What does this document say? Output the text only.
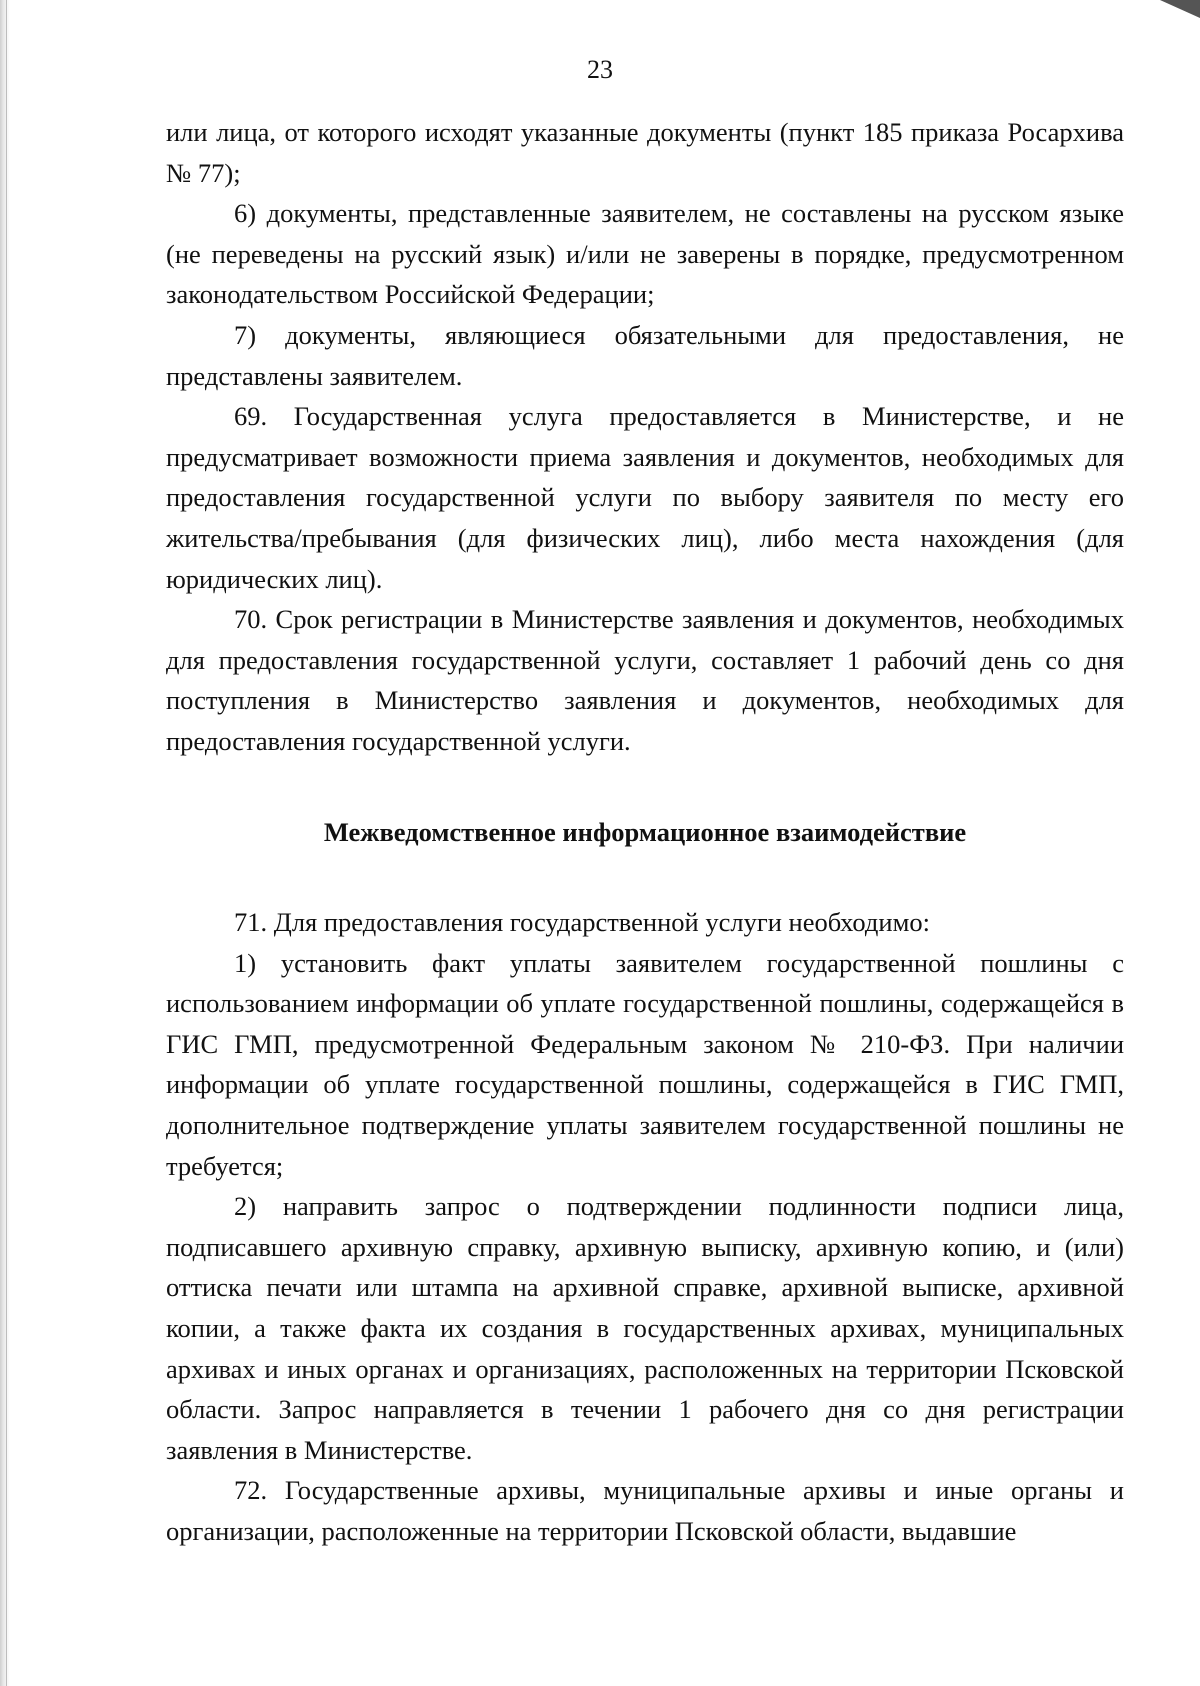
23

или лица, от которого исходят указанные документы (пункт 185 приказа Росархива № 77);

6) документы, представленные заявителем, не составлены на русском языке (не переведены на русский язык) и/или не заверены в порядке, предусмотренном законодательством Российской Федерации;

7) документы, являющиеся обязательными для предоставления, не представлены заявителем.

69. Государственная услуга предоставляется в Министерстве, и не предусматривает возможности приема заявления и документов, необходимых для предоставления государственной услуги по выбору заявителя по месту его жительства/пребывания (для физических лиц), либо места нахождения (для юридических лиц).

70. Срок регистрации в Министерстве заявления и документов, необходимых для предоставления государственной услуги, составляет 1 рабочий день со дня поступления в Министерство заявления и документов, необходимых для предоставления государственной услуги.

Межведомственное информационное взаимодействие

71. Для предоставления государственной услуги необходимо:

1) установить факт уплаты заявителем государственной пошлины с использованием информации об уплате государственной пошлины, содержащейся в ГИС ГМП, предусмотренной Федеральным законом № 210-ФЗ. При наличии информации об уплате государственной пошлины, содержащейся в ГИС ГМП, дополнительное подтверждение уплаты заявителем государственной пошлины не требуется;

2) направить запрос о подтверждении подлинности подписи лица, подписавшего архивную справку, архивную выписку, архивную копию, и (или) оттиска печати или штампа на архивной справке, архивной выписке, архивной копии, а также факта их создания в государственных архивах, муниципальных архивах и иных органах и организациях, расположенных на территории Псковской области. Запрос направляется в течении 1 рабочего дня со дня регистрации заявления в Министерстве.

72. Государственные архивы, муниципальные архивы и иные органы и организации, расположенные на территории Псковской области, выдавшие
